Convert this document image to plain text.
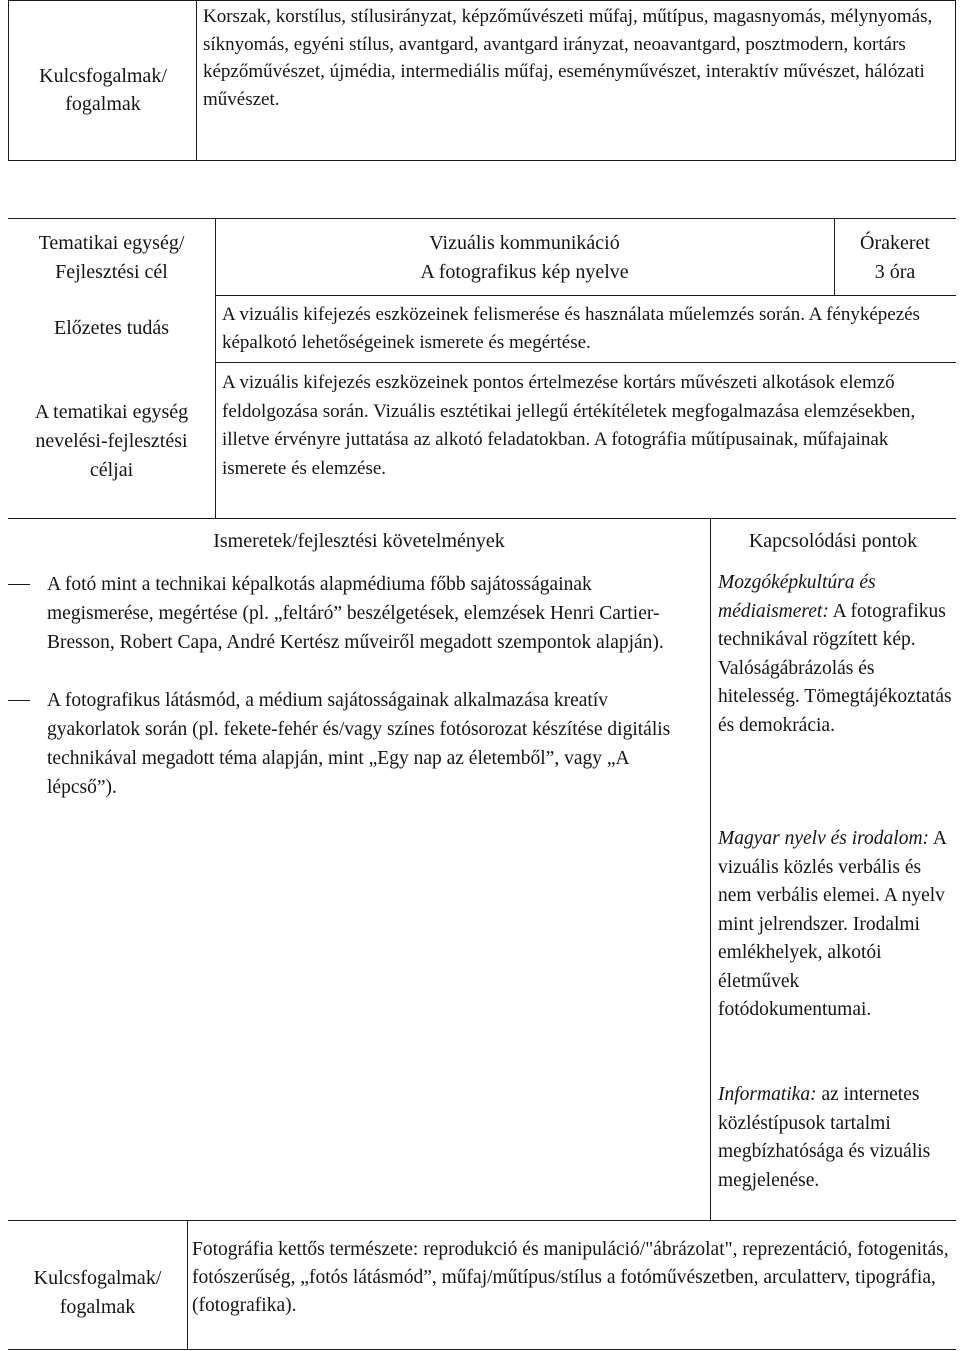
Kulcsfogalmak/
fogalmak
Korszak, korstílus, stílusirányzat, képzőművészeti műfaj, műtípus, magasnyomás, mélynyomás, síknyomás, egyéni stílus, avantgard, avantgard irányzat, neoavantgard, posztmodern, kortárs képzőművészet, újmédia, intermediális műfaj, eseményművészet, interaktív művészet, hálózati művészet.
Tematikai egység/
Fejlesztési cél
Előzetes tudás
A tematikai egység
nevelési-fejlesztési
céljai
Vizuális kommunikáció
A fotografikus kép nyelve
Órakeret
3 óra
A vizuális kifejezés eszközeinek felismerése és használata műelemzés során. A fényképezés képalkotó lehetőségeinek ismerete és megértése.
A vizuális kifejezés eszközeinek pontos értelmezése kortárs művészeti alkotások elemző feldolgozása során. Vizuális esztétikai jellegű értékítéletek megfogalmazása elemzésekben, illetve érvényre juttatása az alkotó feladatokban. A fotográfia műtípusainak, műfajainak ismerete és elemzése.
Ismeretek/fejlesztési követelmények	Kapcsolódási pontok
A fotó mint a technikai képalkotás alapmédiuma főbb sajátosságainak megismerése, megértése (pl. „feltáró” beszélgetések, elemzések Henri Cartier-Bresson, Robert Capa, André Kertész műveiről megadott szempontok alapján).
A fotografikus látásmód, a médium sajátosságainak alkalmazása kreatív gyakorlatok során (pl. fekete-fehér és/vagy színes fotósorozat készítése digitális technikával megadott téma alapján, mint „Egy nap az életemből”, vagy „A lépcső”).
Mozgóképkultúra és médiaismeret: A fotografikus technikával rögzített kép. Valóságábrázolás és hitelesség. Tömegtájékoztatás és demokrácia.
Magyar nyelv és irodalom: A vizuális közlés verbális és nem verbális elemei. A nyelv mint jelrendszer. Irodalmi emlékhelyek, alkotói életművek fotódokumentumai.
Informatika: az internetes közléstípusok tartalmi megbízhatósága és vizuális megjelenése.
Kulcsfogalmak/
fogalmak
Fotográfia kettős természete: reprodukció és manipuláció/"ábrázolat", reprezentáció, fotogenitás, fotószerűség, „fotós látásmód”, műfaj/műtípus/stílus a fotóművészetben, arculatterv, tipográfia, (fotografika).
